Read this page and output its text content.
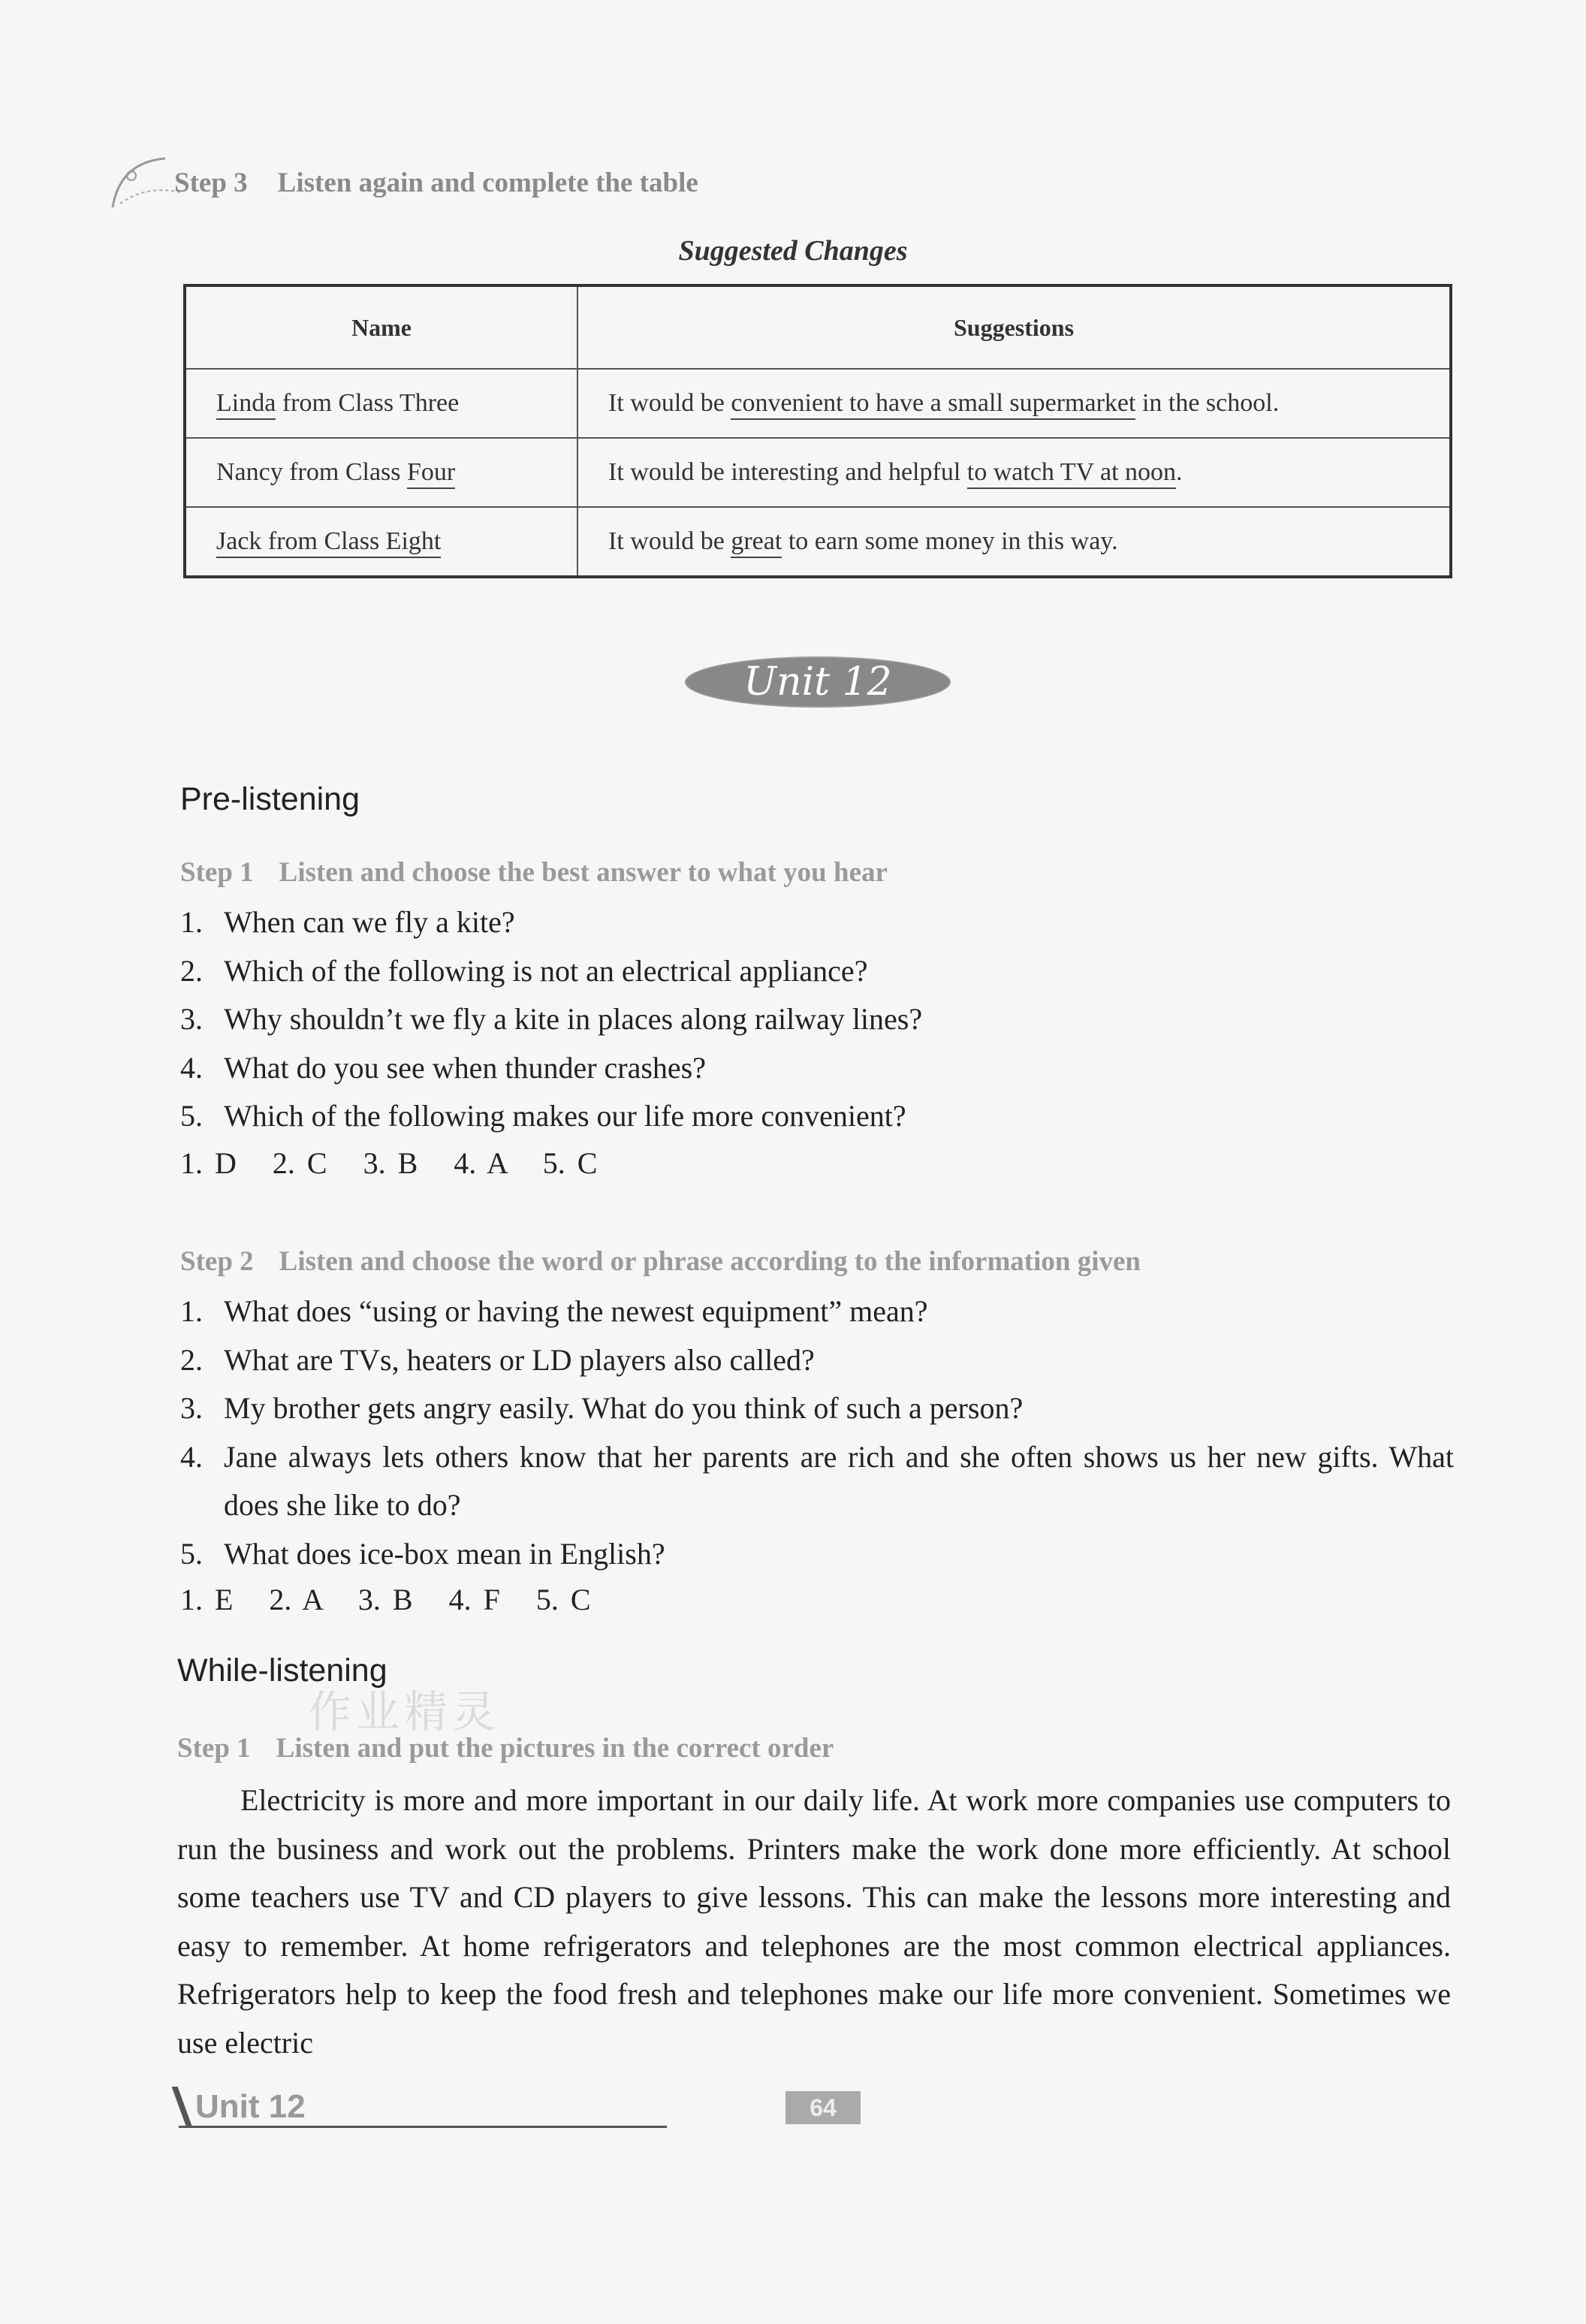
Step 3 Listen again and complete the table
Suggested Changes
Name	Suggestions
Linda from Class Three	It would be convenient to have a small supermarket in the school.
Nancy from Class Four	It would be interesting and helpful to watch TV at noon.
Jack from Class Eight	It would be great to earn some money in this way.
Unit 12
Pre-listening
Step 1 Listen and choose the best answer to what you hear
1. When can we fly a kite?
2. Which of the following is not an electrical appliance?
3. Why shouldn’t we fly a kite in places along railway lines?
4. What do you see when thunder crashes?
5. Which of the following makes our life more convenient?
1. D   2. C   3. B   4. A   5. C
Step 2 Listen and choose the word or phrase according to the information given
1. What does “using or having the newest equipment” mean?
2. What are TVs, heaters or LD players also called?
3. My brother gets angry easily. What do you think of such a person?
4. Jane always lets others know that her parents are rich and she often shows us her new gifts. What does she like to do?
5. What does ice-box mean in English?
1. E   2. A   3. B   4. F   5. C
While-listening
作业精灵
Step 1 Listen and put the pictures in the correct order
Electricity is more and more important in our daily life. At work more companies use computers to run the business and work out the problems. Printers make the work done more efficiently. At school some teachers use TV and CD players to give lessons. This can make the lessons more interesting and easy to remember. At home refrigerators and telephones are the most common electrical appliances. Refrigerators help to keep the food fresh and telephones make our life more convenient. Sometimes we use electric
Unit 12	64
